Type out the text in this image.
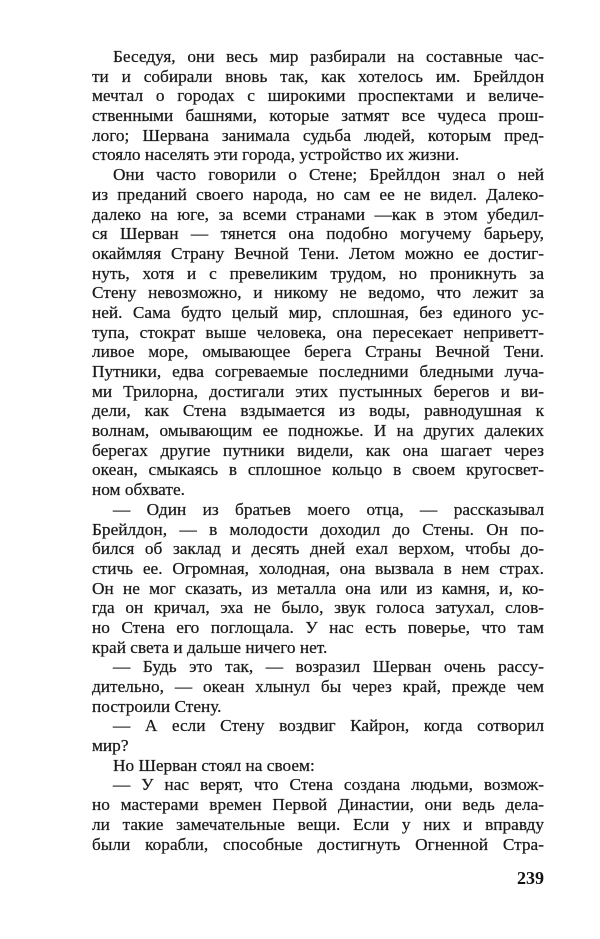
Беседуя, они весь мир разбирали на составные час-
ти и собирали вновь так, как хотелось им. Брейлдон
мечтал о городах с широкими проспектами и величе-
ственными башнями, которые затмят все чудеса прош-
лого; Шервана занимала судьба людей, которым пред-
стояло населять эти города, устройство их жизни.
Они часто говорили о Стене; Брейлдон знал о ней
из преданий своего народа, но сам ее не видел. Далеко-
далеко на юге, за всеми странами —как в этом убедил-
ся Шерван — тянется она подобно могучему барьеру,
окаймляя Страну Вечной Тени. Летом можно ее достиг-
нуть, хотя и с превеликим трудом, но проникнуть за
Стену невозможно, и никому не ведомо, что лежит за
ней. Сама будто целый мир, сплошная, без единого ус-
тупа, стократ выше человека, она пересекает неприветт-
ливое море, омывающее берега Страны Вечной Тени.
Путники, едва согреваемые последними бледными луча-
ми Трилорна, достигали этих пустынных берегов и ви-
дели, как Стена вздымается из воды, равнодушная к
волнам, омывающим ее подножье. И на других далеких
берегах другие путники видели, как она шагает через
океан, смыкаясь в сплошное кольцо в своем кругосвет-
ном обхвате.
— Один из братьев моего отца, — рассказывал
Брейлдон, — в молодости доходил до Стены. Он по-
бился об заклад и десять дней ехал верхом, чтобы до-
стичь ее. Огромная, холодная, она вызвала в нем страх.
Он не мог сказать, из металла она или из камня, и, ко-
гда он кричал, эха не было, звук голоса затухал, слов-
но Стена его поглощала. У нас есть поверье, что там
край света и дальше ничего нет.
— Будь это так, — возразил Шерван очень рассу-
дительно, — океан хлынул бы через край, прежде чем
построили Стену.
— А если Стену воздвиг Кайрон, когда сотворил
мир?
Но Шерван стоял на своем:
— У нас верят, что Стена создана людьми, возмож-
но мастерами времен Первой Династии, они ведь дела-
ли такие замечательные вещи. Если у них и вправду
были корабли, способные достигнуть Огненной Стра-
239
